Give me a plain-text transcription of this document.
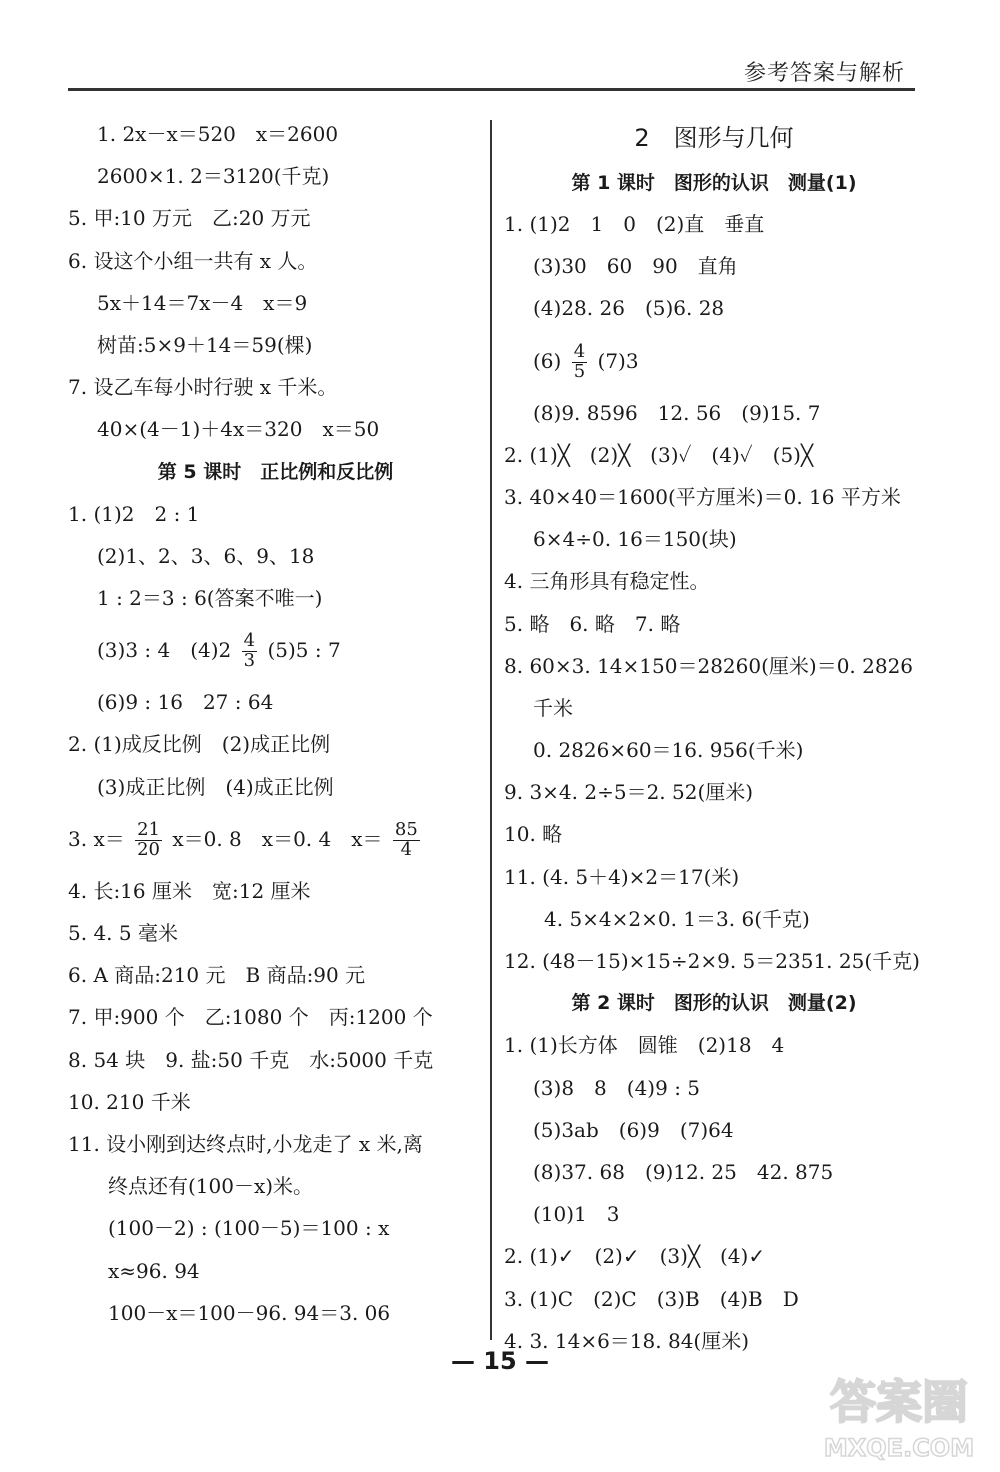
参考答案与解析
1. 2x－x＝520　x＝2600
2600×1. 2＝3120(千克)
5. 甲:10 万元　乙:20 万元
6. 设这个小组一共有 x 人。
5x＋14＝7x－4　x＝9
树苗:5×9＋14＝59(棵)
7. 设乙车每小时行驶 x 千米。
40×(4－1)＋4x＝320　x＝50
第 5 课时　正比例和反比例
1. (1)2　2 : 1
(2)1、2、3、6、9、18
1 : 2＝3 : 6(答案不唯一)
(3)3 : 4　$(4)2 \frac{4}{3} (5)5$ : 7
(6)9 : 16　27 : 64
2. (1)成反比例　(2)成正比例
(3)成正比例　(4)成正比例
3. $x= \frac{21}{20} x=0$. 8　x＝0. 4　$x= \frac{85}{4}$
4. 长:16 厘米　宽:12 厘米
5. 4. 5 毫米
6. A 商品:210 元　B 商品:90 元
7. 甲:900 个　乙:1080 个　丙:1200 个
8. 54 块　9. 盐:50 千克　水:5000 千克
10. 210 千米
11. 设小刚到达终点时,小龙走了 x 米,离
终点还有(100－x)米。
(100－2) : (100－5)＝100 : x
x≈96. 94
100－x＝100－96. 94＝3. 06
2　图形与几何
第 1 课时　图形的认识　测量(1)
1. (1)2　1　0　(2)直　垂直
(3)30　60　90　直角
(4)28. 26　(5)6. 28
$(6) \frac{4}{5} (7)3$
(8)9. 8596　12. 56　(9)15. 7
2. (1)╳　(2)╳　(3)✓　(4)✓　(5)╳
3. 40×40＝1600(平方厘米)＝0. 16 平方米
6×4÷0. 16＝150(块)
4. 三角形具有稳定性。
5. 略　6. 略　7. 略
8. 60×3. 14×150＝28260(厘米)＝0. 2826
千米
0. 2826×60＝16. 956(千米)
9. 3×4. 2÷5＝2. 52(厘米)
10. 略
11. (4. 5＋4)×2＝17(米)
4. 5×4×2×0. 1＝3. 6(千克)
12. (48－15)×15÷2×9. 5＝2351. 25(千克)
第 2 课时　图形的认识　测量(2)
1. (1)长方体　圆锥　(2)18　4
(3)8　8　(4)9 : 5
(5)3ab　(6)9　(7)64
(8)37. 68　(9)12. 25　42. 875
(10)1　3
2. (1)✓　(2)✓　(3)╳　(4)✓
3. (1)C　(2)C　(3)B　(4)B　D
4. 3. 14×6＝18. 84(厘米)
— 15 —
答案圈
MXQE.COM
